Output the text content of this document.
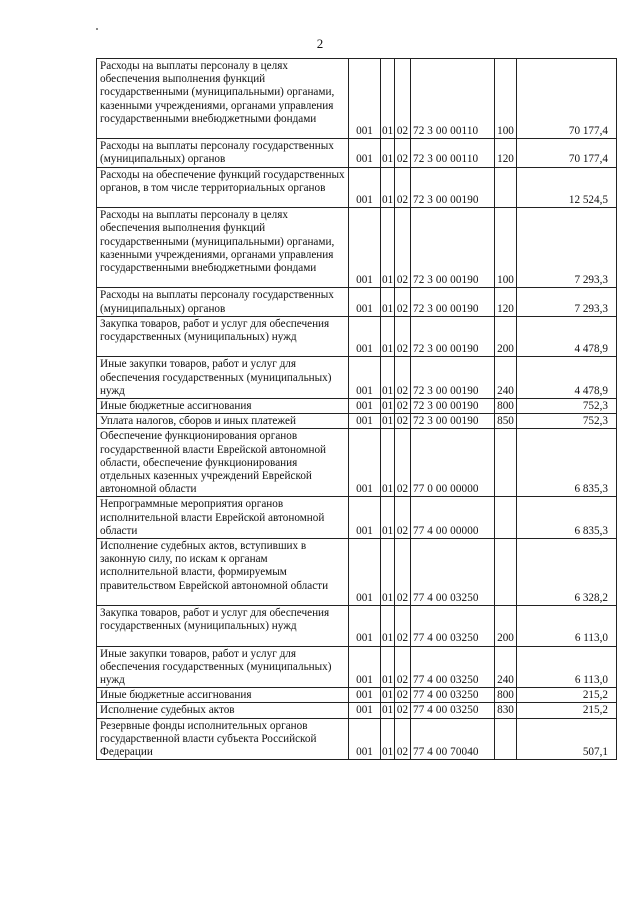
2
Расходы на выплаты персоналу в целях обеспечения выполнения функций государственными (муниципальными) органами, казенными учреждениями, органами управления государственными внебюджетными фондами	001	01	02	72 3 00 00110	100	70 177,4
Расходы на выплаты персоналу государственных (муниципальных) органов	001	01	02	72 3 00 00110	120	70 177,4
Расходы на обеспечение функций государственных органов, в том числе территориальных органов	001	01	02	72 3 00 00190		12 524,5
Расходы на выплаты персоналу в целях обеспечения выполнения функций государственными (муниципальными) органами, казенными учреждениями, органами управления государственными внебюджетными фондами	001	01	02	72 3 00 00190	100	7 293,3
Расходы на выплаты персоналу государственных (муниципальных) органов	001	01	02	72 3 00 00190	120	7 293,3
Закупка товаров, работ и услуг для обеспечения государственных (муниципальных) нужд	001	01	02	72 3 00 00190	200	4 478,9
Иные закупки товаров, работ и услуг для обеспечения государственных (муниципальных) нужд	001	01	02	72 3 00 00190	240	4 478,9
Иные бюджетные ассигнования	001	01	02	72 3 00 00190	800	752,3
Уплата налогов, сборов и иных платежей	001	01	02	72 3 00 00190	850	752,3
Обеспечение функционирования органов государственной власти Еврейской автономной области, обеспечение функционирования отдельных казенных учреждений Еврейской автономной области	001	01	02	77 0 00 00000		6 835,3
Непрограммные мероприятия органов исполнительной власти Еврейской автономной области	001	01	02	77 4 00 00000		6 835,3
Исполнение судебных актов, вступивших в законную силу, по искам к органам исполнительной власти, формируемым правительством Еврейской автономной области	001	01	02	77 4 00 03250		6 328,2
Закупка товаров, работ и услуг для обеспечения государственных (муниципальных) нужд	001	01	02	77 4 00 03250	200	6 113,0
Иные закупки товаров, работ и услуг для обеспечения государственных (муниципальных) нужд	001	01	02	77 4 00 03250	240	6 113,0
Иные бюджетные ассигнования	001	01	02	77 4 00 03250	800	215,2
Исполнение судебных актов	001	01	02	77 4 00 03250	830	215,2
Резервные фонды исполнительных органов государственной власти субъекта Российской Федерации	001	01	02	77 4 00 70040		507,1
